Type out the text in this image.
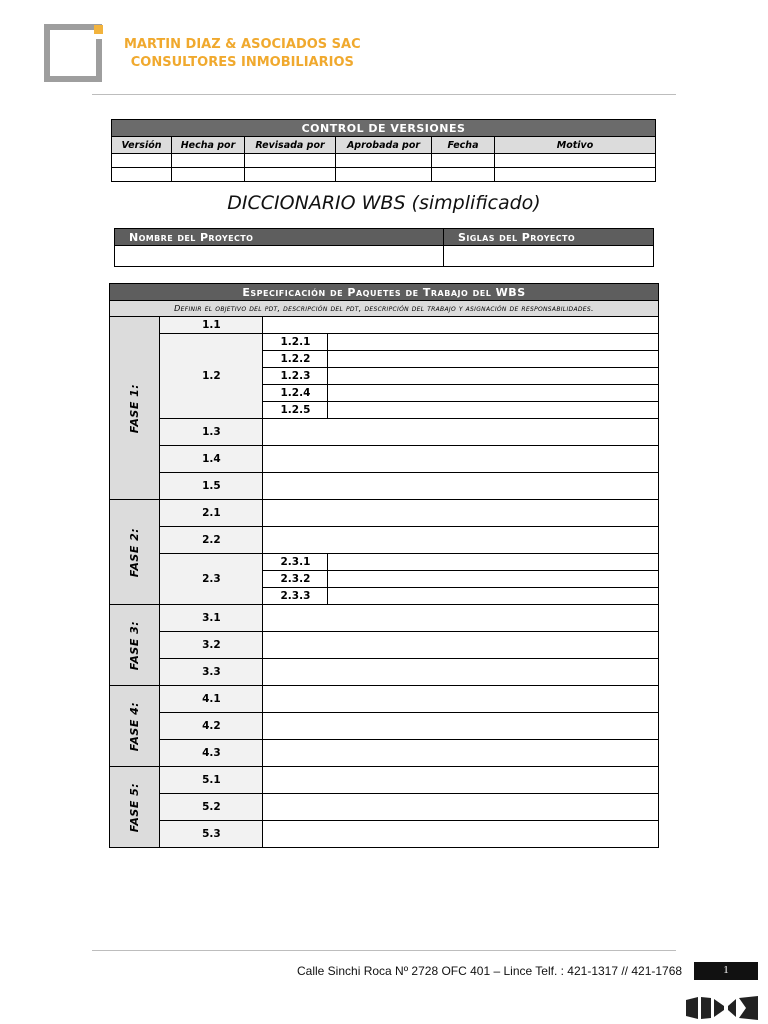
MARTIN DIAZ & ASOCIADOS SAC
CONSULTORES INMOBILIARIOS
CONTROL DE VERSIONES					
Versión	Hecha por	Revisada por	Aprobada por	Fecha	Motivo

DICCIONARIO WBS (simplificado)
Nombre del Proyecto	Siglas del Proyecto

Especificación de Paquetes de Trabajo del WBS			
Definir el objetivo del pdt, descripción del pdt, descripción del trabajo y asignación de responsabilidades.			
FASE 1:	1.1		
	1.2	1.2.1	
		1.2.2	
		1.2.3	
		1.2.4	
		1.2.5	
	1.3		
	1.4		
	1.5		
FASE 2:	2.1		
	2.2		
	2.3	2.3.1	
		2.3.2	
		2.3.3	
FASE 3:	3.1		
	3.2		
	3.3		
FASE 4:	4.1		
	4.2		
	4.3		
FASE 5:	5.1		
	5.2		
	5.3		
Calle Sinchi Roca Nº 2728 OFC 401 – Lince Telf. : 421-1317 // 421-1768	1
